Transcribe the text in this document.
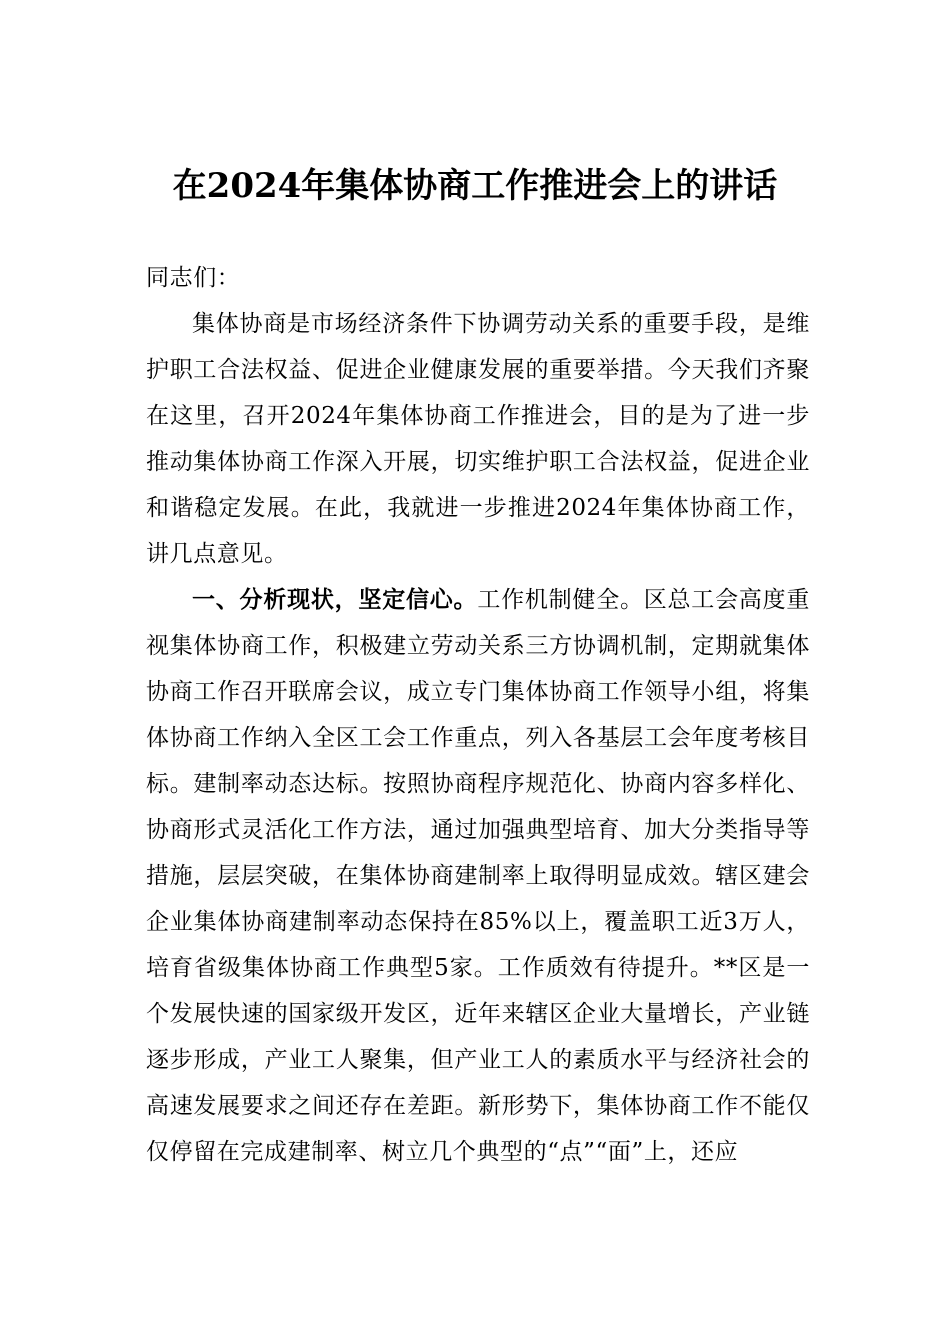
在2024年集体协商工作推进会上的讲话

同志们：

集体协商是市场经济条件下协调劳动关系的重要手段，是维护职工合法权益、促进企业健康发展的重要举措。今天我们齐聚在这里，召开2024年集体协商工作推进会，目的是为了进一步推动集体协商工作深入开展，切实维护职工合法权益，促进企业和谐稳定发展。在此，我就进一步推进2024年集体协商工作，讲几点意见。

一、分析现状，坚定信心。工作机制健全。区总工会高度重视集体协商工作，积极建立劳动关系三方协调机制，定期就集体协商工作召开联席会议，成立专门集体协商工作领导小组，将集体协商工作纳入全区工会工作重点，列入各基层工会年度考核目标。建制率动态达标。按照协商程序规范化、协商内容多样化、协商形式灵活化工作方法，通过加强典型培育、加大分类指导等措施，层层突破，在集体协商建制率上取得明显成效。辖区建会企业集体协商建制率动态保持在85%以上，覆盖职工近3万人，培育省级集体协商工作典型5家。工作质效有待提升。**区是一个发展快速的国家级开发区，近年来辖区企业大量增长，产业链逐步形成，产业工人聚集，但产业工人的素质水平与经济社会的高速发展要求之间还存在差距。新形势下，集体协商工作不能仅仅停留在完成建制率、树立几个典型的“点”“面”上，还应
